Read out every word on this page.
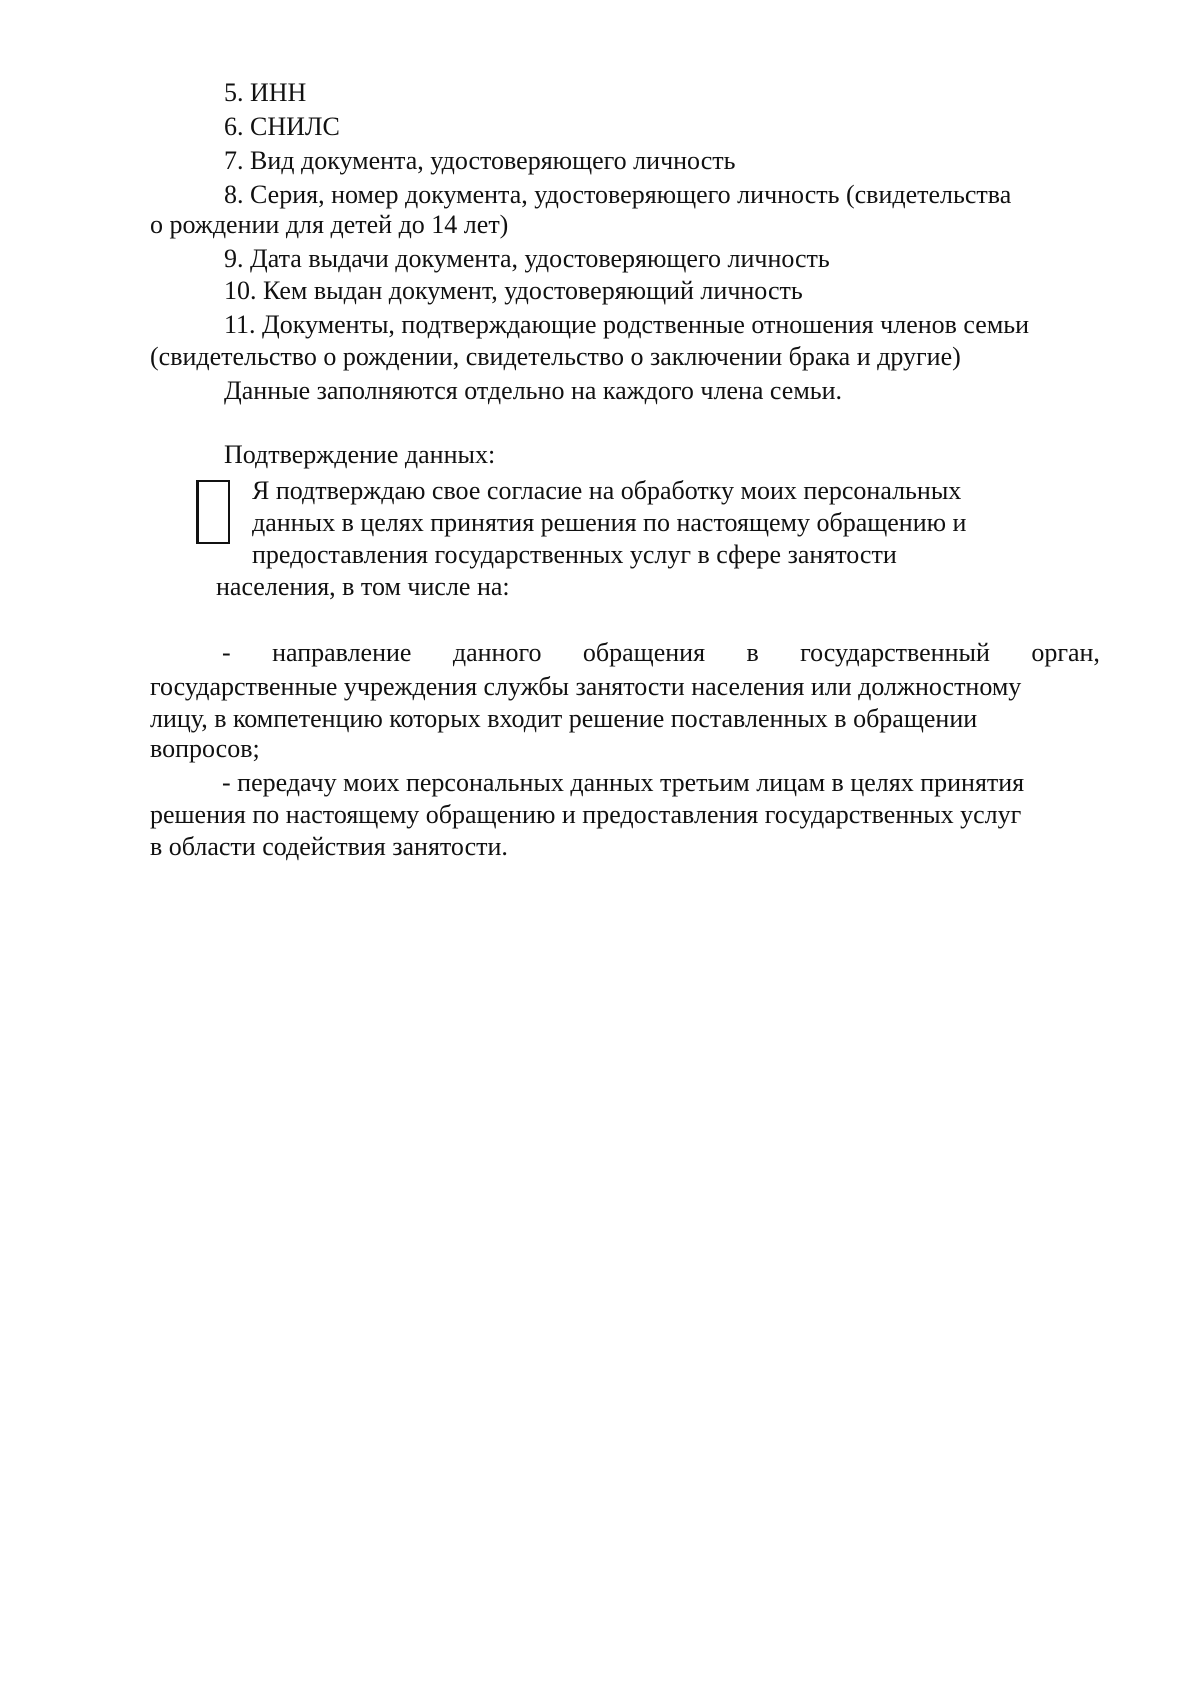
5. ИНН
6. СНИЛС
7. Вид документа, удостоверяющего личность
8. Серия, номер документа, удостоверяющего личность (свидетельства
о рождении для детей до 14 лет)
9. Дата выдачи документа, удостоверяющего личность
10. Кем выдан документ, удостоверяющий личность
11. Документы, подтверждающие родственные отношения членов семьи
(свидетельство о рождении, свидетельство о заключении брака и другие)
Данные заполняются отдельно на каждого члена семьи.
Подтверждение данных:
Я подтверждаю свое согласие на обработку моих персональных
данных в целях принятия решения по настоящему обращению и
предоставления государственных услуг в сфере занятости
населения, в том числе на:
- направление данного обращения в государственный орган,
государственные учреждения службы занятости населения или должностному
лицу, в компетенцию которых входит решение поставленных в обращении
вопросов;
- передачу моих персональных данных третьим лицам в целях принятия
решения по настоящему обращению и предоставления государственных услуг
в области содействия занятости.
